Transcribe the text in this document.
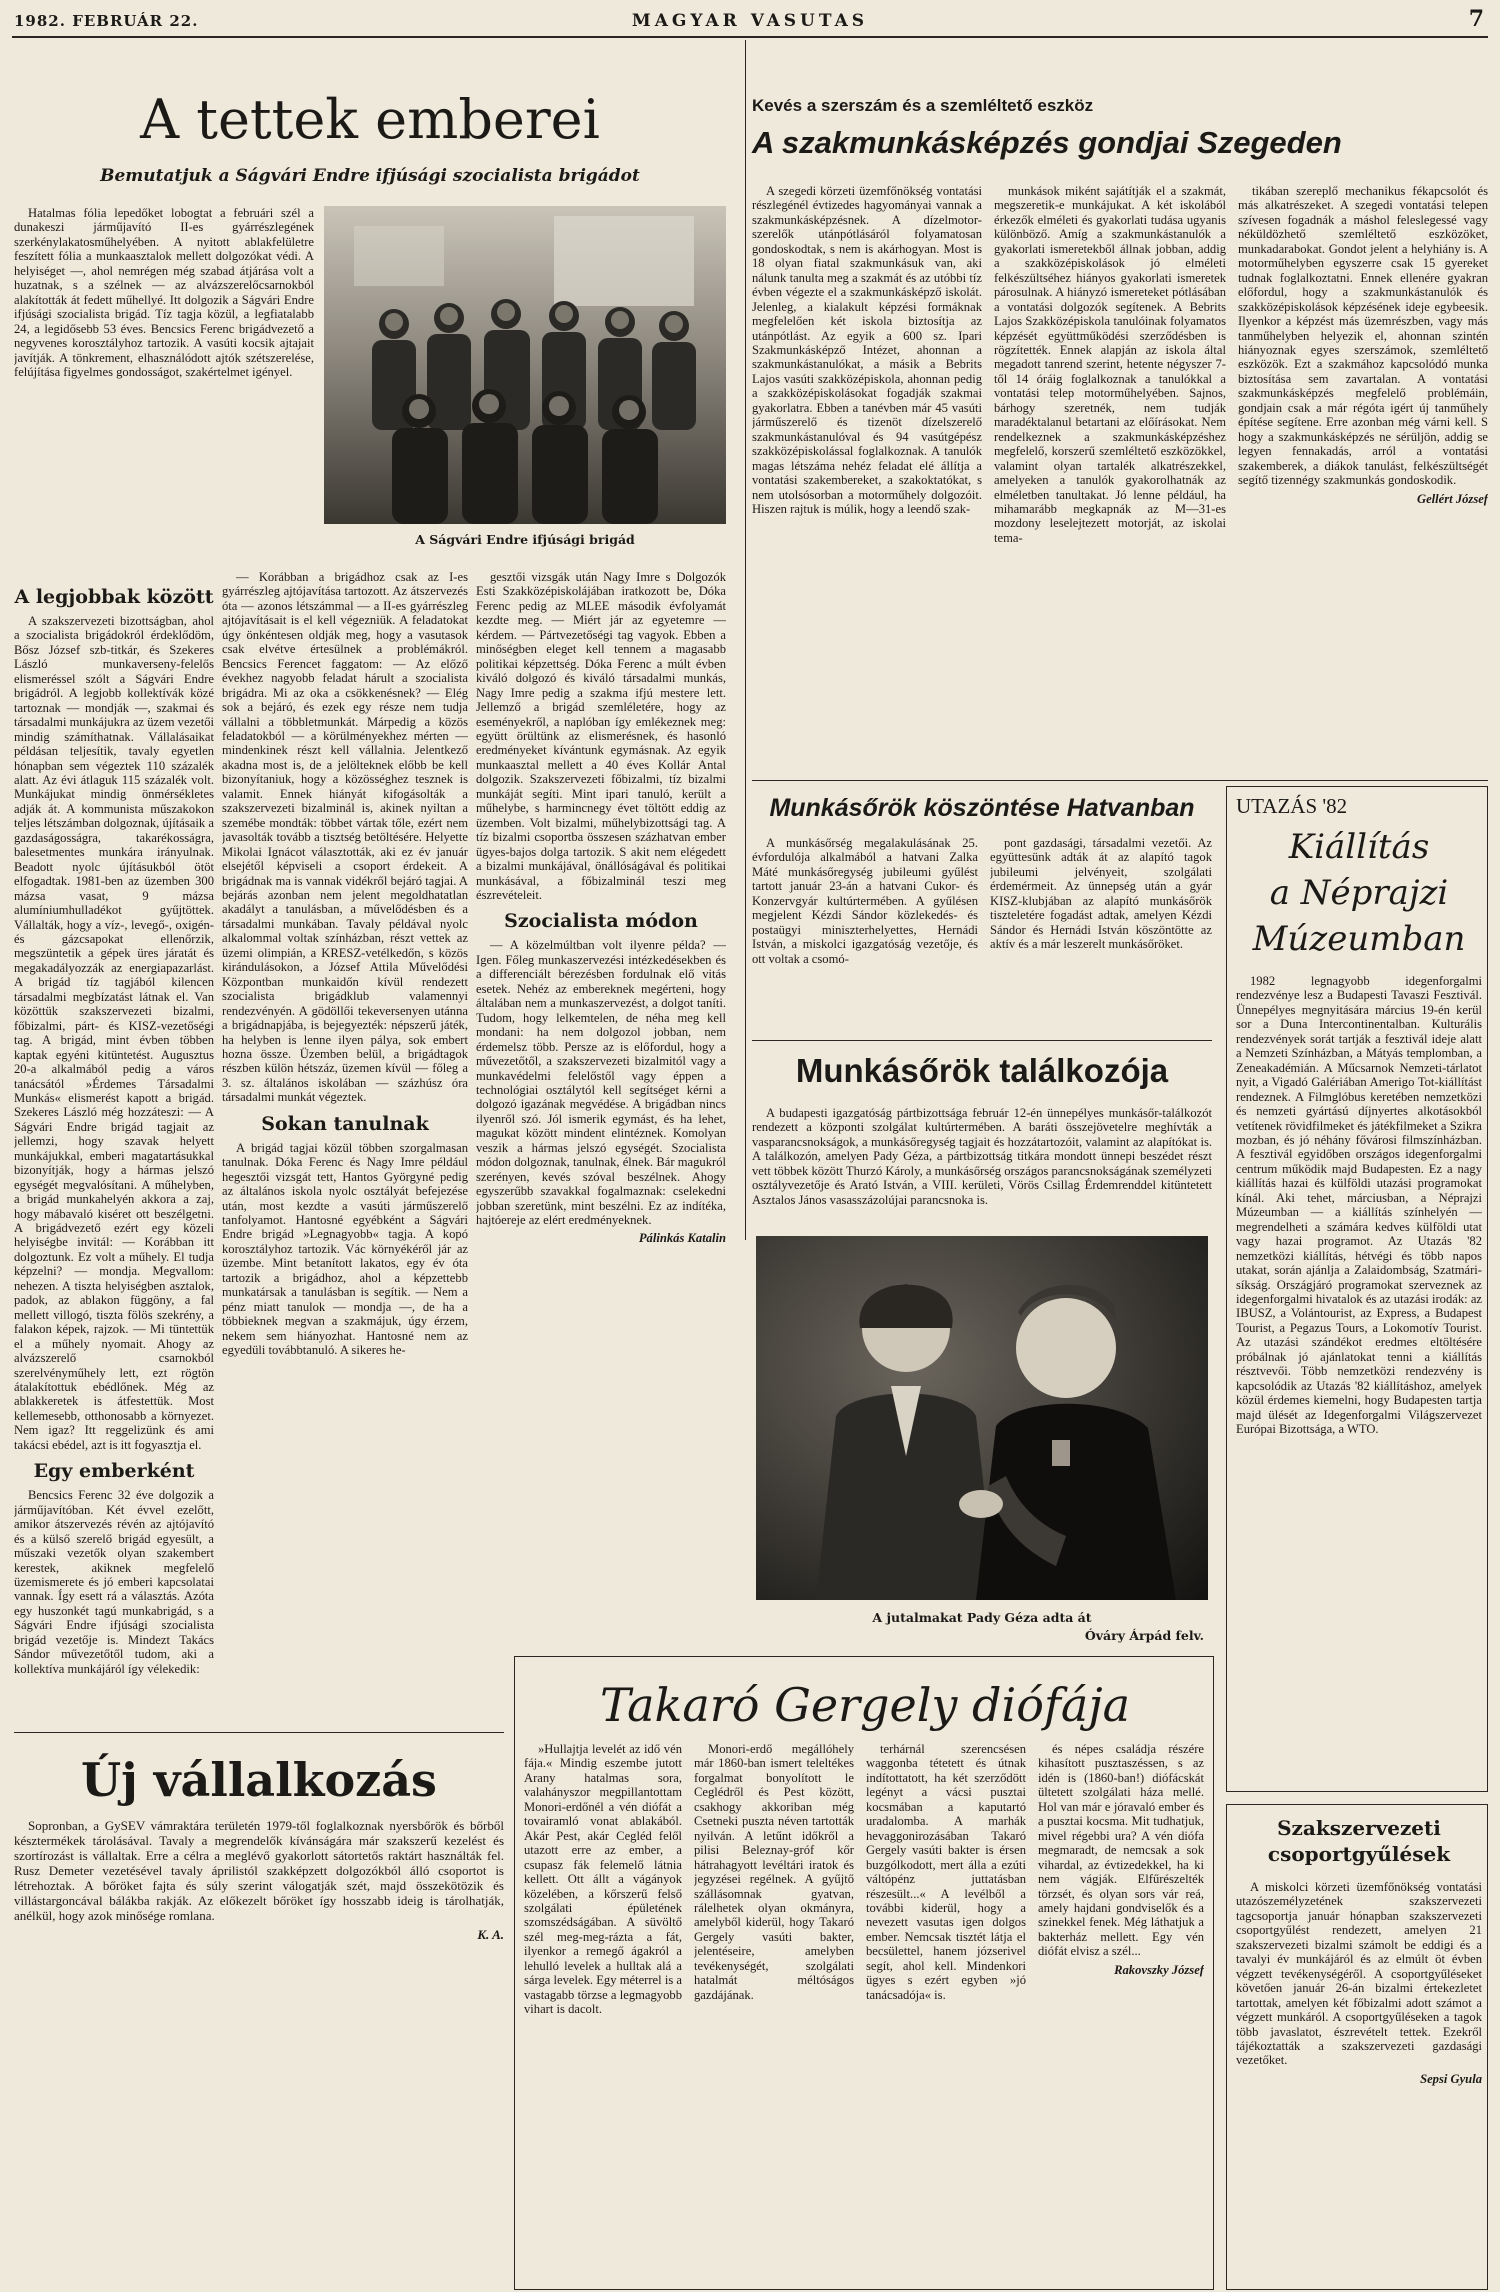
1982. FEBRUÁR 22.	MAGYAR VASUTAS	7
A tettek emberei
Bemutatjuk a Ságvári Endre ifjúsági szocialista brigádot
A Ságvári Endre ifjúsági brigád

Hatalmas fólia lepedőket lobogtat a februári szél a dunakeszi járműjavító II-es gyárrészlegének szerkénylakatosműhelyében. A nyitott ablakfelületre feszített fólia a munkaasztalok mellett dolgozókat védi. A helyiséget —, ahol nemrégen még szabad átjárása volt a huzatnak, s a szélnek — az alvázszerelőcsarnokból alakították át fedett műhellyé. Itt dolgozik a Ságvári Endre ifjúsági szocialista brigád. Tíz tagja közül, a legfiatalabb 24, a legidősebb 53 éves. Bencsics Ferenc brigádvezető a negyvenes korosztályhoz tartozik. A vasúti kocsik ajtajait javítják. A tönkrement, elhasználódott ajtók szétszerelése, felújítása figyelmes gondosságot, szakértelmet igényel.

A legjobbak között

A szakszervezeti bizottságban, ahol a szocialista brigádokról érdeklődöm, Bősz József szb-titkár, és Szekeres László munkaverseny-felelős elismeréssel szólt a Ságvári Endre brigádról. A legjobb kollektívák közé tartoznak — mondják —, szakmai és társadalmi munkájukra az üzem vezetői mindig számíthatnak. Vállalásaikat példásan teljesítik, tavaly egyetlen hónapban sem végeztek 110 százalék alatt. Az évi átlaguk 115 százalék volt. Munkájukat mindig önmérsékletes adják át. A kommunista műszakokon teljes létszámban dolgoznak, újításaik a gazdaságosságra, takarékosságra, balesetmentes munkára irányulnak. Beadott nyolc újításukból ötöt elfogadtak. 1981-ben az üzemben 300 mázsa vasat, 9 mázsa alumíniumhulladékot gyűjtöttek. Vállalták, hogy a víz-, levegő-, oxigén- és gázcsapokat ellenőrzik, megszüntetik a gépek üres járatát és megakadályozzák az energiapazarlást. A brigád tíz tagjából kilencen társadalmi megbízatást látnak el. Van közöttük szakszervezeti bizalmi, főbizalmi, párt- és KISZ-vezetőségi tag. A brigád, mint évben többen kaptak egyéni kitüntetést. Augusztus 20-a alkalmából pedig a város tanácsától »Érdemes Társadalmi Munkás« elismerést kapott a brigád. Szekeres László még hozzáteszi: — A Ságvári Endre brigád tagjait az jellemzi, hogy szavak helyett munkájukkal, emberi magatartásukkal bizonyítják, hogy a hármas jelszó egységét megvalósítani. A műhelyben, a brigád munkahelyén akkora a zaj, hogy mábavaló kiséret ott beszélgetni. A brigádvezető ezért egy közeli helyiségbe invitál: — Korábban itt dolgoztunk. Ez volt a műhely. El tudja képzelni? — mondja. Megvallom: nehezen. A tiszta helyiségben asztalok, padok, az ablakon függöny, a fal mellett villogó, tiszta fölös szekrény, a falakon képek, rajzok. — Mi tüntettük el a műhely nyomait. Ahogy az alvázszerelő csarnokból szerelvényműhely lett, ezt rögtön átalakítottuk ebédlőnek. Még az ablakkeretek is átfestettük. Most kellemesebb, otthonosabb a környezet. Nem igaz? Itt reggelizünk és ami takácsi ebédel, azt is itt fogyasztja el.

Egy emberként

Bencsics Ferenc 32 éve dolgozik a járműjavítóban. Két évvel ezelőtt, amikor átszervezés révén az ajtójavító és a külső szerelő brigád egyesült, a műszaki vezetők olyan szakembert kerestek, akiknek megfelelő üzemismerete és jó emberi kapcsolatai vannak. Így esett rá a választás. Azóta egy huszonkét tagú munkabrigád, s a Ságvári Endre ifjúsági szocialista brigád vezetője is. Mindezt Takács Sándor művezetőtől tudom, aki a kollektíva munkájáról így vélekedik:

— Korábban a brigádhoz csak az I-es gyárrészleg ajtójavítása tartozott. Az átszervezés óta — azonos létszámmal — a II-es gyárrészleg ajtójavításait is el kell végezniük. A feladatokat úgy önkéntesen oldják meg, hogy a vasutasok csak elvétve értesülnek a problémákról. Bencsics Ferencet faggatom: — Az előző évekhez nagyobb feladat hárult a szocialista brigádra. Mi az oka a csökkenésnek? — Elég sok a bejáró, és ezek egy része nem tudja vállalni a többletmunkát. Márpedig a közös feladatokból — a körülményekhez mérten — mindenkinek részt kell vállalnia. Jelentkező akadna most is, de a jelölteknek előbb be kell bizonyítaniuk, hogy a közösséghez tesznek is valamit. Ennek hiányát kifogásolták a szakszervezeti bizalminál is, akinek nyiltan a szemébe mondták: többet vártak tőle, ezért nem javasolták tovább a tisztség betöltésére. Helyette Mikolai Ignácot választották, aki ez év január elsejétől képviseli a csoport érdekeit. A brigádnak ma is vannak vidékről bejáró tagjai. A bejárás azonban nem jelent megoldhatatlan akadályt a tanulásban, a művelődésben és a társadalmi munkában. Tavaly példával nyolc alkalommal voltak színházban, részt vettek az üzemi olimpián, a KRESZ-vetélkedőn, s közös kirándulásokon, a József Attila Művelődési Központban munkaidőn kívül rendezett szocialista brigádklub valamennyi rendezvényén. A gödöllői tekeversenyen utánna a brigádnapjába, is bejegyezték: népszerű játék, ha helyben is lenne ilyen pálya, sok embert hozna össze. Üzemben belül, a brigádtagok részben külön hétszáz, üzemen kívül — főleg a 3. sz. általános iskolában — százhúsz óra társadalmi munkát végeztek.

Sokan tanulnak

A brigád tagjai közül többen szorgalmasan tanulnak. Dóka Ferenc és Nagy Imre például hegesztői vizsgát tett, Hantos Györgyné pedig az általános iskola nyolc osztályát befejezése után, most kezdte a vasúti járműszerelő tanfolyamot. Hantosné egyébként a Ságvári Endre brigád »Legnagyobb« tagja. A kopó korosztályhoz tartozik. Vác környékéről jár az üzembe. Mint betanított lakatos, egy év óta tartozik a brigádhoz, ahol a képzettebb munkatársak a tanulásban is segítik. — Nem a pénz miatt tanulok — mondja —, de ha a többieknek megvan a szakmájuk, úgy érzem, nekem sem hiányozhat. Hantosné nem az egyedüli továbbtanuló. A sikeres he-

gesztői vizsgák után Nagy Imre s Dolgozók Esti Szakközépiskolájában iratkozott be, Dóka Ferenc pedig az MLEE második évfolyamát kezdte meg. — Miért jár az egyetemre — kérdem. — Pártvezetőségi tag vagyok. Ebben a minőségben eleget kell tennem a magasabb politikai képzettség. Dóka Ferenc a múlt évben kiváló dolgozó és kiváló társadalmi munkás, Nagy Imre pedig a szakma ifjú mestere lett. Jellemző a brigád szemléletére, hogy az eseményekről, a naplóban így emlékeznek meg: együtt örültünk az elismerésnek, és hasonló eredményeket kívántunk egymásnak. Az egyik munkaasztal mellett a 40 éves Kollár Antal dolgozik. Szakszervezeti főbizalmi, tíz bizalmi munkáját segíti. Mint ipari tanuló, került a műhelybe, s harmincnegy évet töltött eddig az üzemben. Volt bizalmi, műhelybizottsági tag. A tíz bizalmi csoportba összesen százhatvan ember ügyes-bajos dolga tartozik. S akit nem elégedett a bizalmi munkájával, önállóságával és politikai munkásával, a főbizalminál teszi meg észrevételeit.

Szocialista módon

— A közelmúltban volt ilyenre példa? — Igen. Főleg munkaszervezési intézkedésekben és a differenciált bérezésben fordulnak elő vitás esetek. Nehéz az embereknek megérteni, hogy általában nem a munkaszervezést, a dolgot taníti. Tudom, hogy lelkemtelen, de néha meg kell mondani: ha nem dolgozol jobban, nem érdemelsz több. Persze az is előfordul, hogy a művezetőtől, a szakszervezeti bizalmitól vagy a munkavédelmi felelőstől vagy éppen a technológiai osztálytól kell segítséget kérni a dolgozó igazának megvédése. A brigádban nincs ilyenről szó. Jól ismerik egymást, és ha lehet, magukat között mindent elintéznek. Komolyan veszik a hármas jelszó egységét. Szocialista módon dolgoznak, tanulnak, élnek. Bár magukról szerényen, kevés szóval beszélnek. Ahogy egyszerűbb szavakkal fogalmaznak: cselekedni jobban szeretünk, mint beszélni. Ez az indítéka, hajtóereje az elért eredményeknek.

Pálinkás Katalin
Új vállalkozás

Sopronban, a GySEV vámraktára területén 1979-től foglalkoznak nyersbőrök és bőrből késztermékek tárolásával. Tavaly a megrendelők kívánságára már szakszerű kezelést és szortírozást is vállaltak. Erre a célra a meglévő gyakorlott sátortetős raktárt használták fel. Rusz Demeter vezetésével tavaly áprilistól szakképzett dolgozókból álló csoportot is létrehoztak. A bőröket fajta és súly szerint válogatják szét, majd összekötözik és villástargoncával bálákba rakják. Az előkezelt bőröket így hosszabb ideig is tárolhatják, anélkül, hogy azok minősége romlana.

K. A.
Kevés a szerszám és a szemléltető eszköz
A szakmunkásképzés gondjai Szegeden

A szegedi körzeti üzemfőnökség vontatási részlegénél évtizedes hagyományai vannak a szakmunkásképzésnek. A dízelmotor-szerelők utánpótlásáról folyamatosan gondoskodtak, s nem is akárhogyan. Most is 18 olyan fiatal szakmunkásuk van, aki nálunk tanulta meg a szakmát és az utóbbi tíz évben végezte el a szakmunkásképző iskolát. Jelenleg, a kialakult képzési formáknak megfelelően két iskola biztosítja az utánpótlást. Az egyik a 600 sz. Ipari Szakmunkásképző Intézet, ahonnan a szakmunkástanulókat, a másik a Bebrits Lajos vasúti szakközépiskola, ahonnan pedig a szakközépiskolásokat fogadják szakmai gyakorlatra. Ebben a tanévben már 45 vasúti járműszerelő és tizenöt dízelszerelő szakmunkástanulóval és 94 vasútgépész szakközépiskolással foglalkoznak. A tanulók magas létszáma nehéz feladat elé állítja a vontatási szakembereket, a szakoktatókat, s nem utolsósorban a motorműhely dolgozóit. Hiszen rajtuk is múlik, hogy a leendő szak-

munkások miként sajátítják el a szakmát, megszeretik-e munkájukat. A két iskolából érkezők elméleti és gyakorlati tudása ugyanis különböző. Amíg a szakmunkástanulók a gyakorlati ismeretekből állnak jobban, addig a szakközépiskolások jó elméleti felkészültséhez hiányos gyakorlati ismeretek párosulnak. A hiányzó ismereteket pótlásában a vontatási dolgozók segítenek. A Bebrits Lajos Szakközépiskola tanulóinak folyamatos képzését együttműködési szerződésben is rögzítették. Ennek alapján az iskola által megadott tanrend szerint, hetente négyszer 7-től 14 óráig foglalkoznak a tanulókkal a vontatási telep motorműhelyében. Sajnos, bárhogy szeretnék, nem tudják maradéktalanul betartani az előírásokat. Nem rendelkeznek a szakmunkásképzéshez megfelelő, korszerű szemléltető eszközökkel, valamint olyan tartalék alkatrészekkel, amelyeken a tanulók gyakorolhatnák az elméletben tanultakat. Jó lenne például, ha mihamarább megkapnák az M—31-es mozdony leselejtezett motorját, az iskolai tema-

tikában szereplő mechanikus fékapcsolót és más alkatrészeket. A szegedi vontatási telepen szívesen fogadnák a máshol feleslegessé vagy néküldözhető szemléltető eszközöket, munkadarabokat. Gondot jelent a helyhiány is. A motorműhelyben egyszerre csak 15 gyereket tudnak foglalkoztatni. Ennek ellenére gyakran előfordul, hogy a szakmunkástanulók és szakközépiskolások képzésének ideje egybeesik. Ilyenkor a képzést más üzemrészben, vagy más tanműhelyben helyezik el, ahonnan szintén hiányoznak egyes szerszámok, szemléltető eszközök. Ezt a szakmához kapcsolódó munka biztosítása sem zavartalan. A vontatási szakmunkásképzés megfelelő problémáin, gondjain csak a már régóta igért új tanműhely építése segítene. Erre azonban még várni kell. S hogy a szakmunkásképzés ne sérüljön, addig se legyen fennakadás, arról a vontatási szakemberek, a diákok tanulást, felkészültségét segítő tizennégy szakmunkás gondoskodik.

Gellért József
Munkásőrök köszöntése Hatvanban

A munkásőrség megalakulásának 25. évfordulója alkalmából a hatvani Zalka Máté munkásőregység jubileumi gyűlést tartott január 23-án a hatvani Cukor- és Konzervgyár kultúrtermében. A gyűlésen megjelent Kézdi Sándor közlekedés- és postaügyi miniszterhelyettes, Hernádi István, a miskolci igazgatóság vezetője, és ott voltak a csomó-

pont gazdasági, társadalmi vezetői. Az együttesünk adták át az alapító tagok jubileumi jelvényeit, szolgálati érdemérmeit. Az ünnepség után a gyár KISZ-klubjában az alapító munkásőrök tiszteletére fogadást adtak, amelyen Kézdi Sándor és Hernádi István köszöntötte az aktív és a már leszerelt munkásőröket.

Munkásőrök találkozója

A budapesti igazgatóság pártbizottsága február 12-én ünnepélyes munkásőr-találkozót rendezett a központi szolgálat kultúrtermében. A baráti összejövetelre meghívták a vasparancsnokságok, a munkásőregység tagjait és hozzátartozóit, valamint az alapítókat is. A találkozón, amelyen Pady Géza, a pártbizottság titkára mondott ünnepi beszédet részt vett többek között Thurzó Károly, a munkásőrség országos parancsnokságának személyzeti osztályvezetője és Arató István, a VIII. kerületi, Vörös Csillag Érdemrenddel kitüntetett Asztalos János vasasszázolújai parancsnoka is.

A jutalmakat Pady Géza adta át
Óváry Árpád felv.
Takaró Gergely diófája

»Hullajtja levelét az idő vén fája.« Mindig eszembe jutott Arany hatalmas sora, valahányszor megpillantottam Monori-erdőnél a vén diófát a tovairamló vonat ablakából. Akár Pest, akár Cegléd felől utazott erre az ember, a csupasz fák felemelő látnia kellett. Ott állt a vágányok közelében, a kőrszerű felső szolgálati épületének szomszédságában. A süvöltő szél meg-meg-rázta a fát, ilyenkor a remegő ágakról a lehulló levelek a hulltak alá a sárga levelek. Egy méterrel is a vastagabb törzse a legmagyobb vihart is dacolt.

Monori-erdő megállóhely már 1860-ban ismert teleltékes forgalmat bonyolított le Ceglédről és Pest között, csakhogy akkoriban még Csetneki puszta néven tartották nyilván. A letűnt időkről a pilisi Beleznay-gróf kőr hátrahagyott levéltári iratok és jegyzései regélnek. A gyűjtő szállásomnak gyatvan, rálelhetek olyan okmányra, amelyből kiderül, hogy Takaró Gergely vasúti bakter, jelentéseire, amelyben tevékenységét, szolgálati hatalmát méltóságos gazdájának.

terhárnál szerencsésen waggonba tétetett és útnak indítottatott, ha két szerződött legényt a vácsi pusztai kocsmában a kaputartó uradalomba. A marhák hevaggonirozásában Takaró Gergely vasúti bakter is érsen buzgólkodott, mert álla a ezúti váltópénz juttatásban részesült...« A levélből a további kiderül, hogy a nevezett vasutas igen dolgos ember. Nemcsak tisztét látja el becsülettel, hanem józserivel segít, ahol kell. Mindenkori ügyes s ezért egyben »jó tanácsadója« is.

és népes családja részére kihasított pusztaszéssen, s az idén is (1860-ban!) diófácskát ültetett szolgálati háza mellé. Hol van már e jóravaló ember és a pusztai kocsma. Mit tudhatjuk, mivel régebbi ura? A vén diófa megmaradt, de nemcsak a sok vihardal, az évtizedekkel, ha ki nem vágják. Elfűrészelték törzsét, és olyan sors vár reá, amely hajdani gondviselők és a szinekkel fenek. Még láthatjuk a bakterház mellett. Egy vén diófát elvisz a szél...

Rakovszky József
UTAZÁS '82
Kiállítás
a Néprajzi
Múzeumban

1982 legnagyobb idegenforgalmi rendezvénye lesz a Budapesti Tavaszi Fesztivál. Ünnepélyes megnyitására március 19-én kerül sor a Duna Intercontinentalban. Kulturális rendezvények sorát tartják a fesztivál ideje alatt a Nemzeti Színházban, a Mátyás templomban, a Zeneakadémián. A Műcsarnok Nemzeti-tárlatot nyit, a Vigadó Galériában Amerigo Tot-kiállítást rendeznek. A Filmglóbus keretében nemzetközi és nemzeti gyártású díjnyertes alkotásokból vetítenek rövidfilmeket és játékfilmeket a Szikra mozban, és jó néhány fővárosi filmszínházban. A fesztivál egyidőben országos idegenforgalmi centrum működik majd Budapesten. Ez a nagy kiállítás hazai és külföldi utazási programokat kínál. Aki tehet, márciusban, a Néprajzi Múzeumban — a kiállítás színhelyén — megrendelheti a számára kedves külföldi utat vagy hazai programot. Az Utazás '82 nemzetközi kiállítás, hétvégi és több napos utakat, során ajánlja a Zalaidombság, Szatmári-síkság. Országjáró programokat szerveznek az idegenforgalmi hivatalok és az utazási irodák: az IBUSZ, a Volántourist, az Express, a Budapest Tourist, a Pegazus Tours, a Lokomotív Tourist. Az utazási szándékot eredmes eltöltésére próbálnak jó ajánlatokat tenni a kiállítás résztvevői. Több nemzetközi rendezvény is kapcsolódik az Utazás '82 kiállításhoz, amelyek közül érdemes kiemelni, hogy Budapesten tartja majd ülését az Idegenforgalmi Világszervezet Európai Bizottsága, a WTO.

Szakszervezeti
csoportgyűlések

A miskolci körzeti üzemfőnökség vontatási utazószemélyzetének szakszervezeti tagcsoportja január hónapban szakszervezeti csoportgyűlést rendezett, amelyen 21 szakszervezeti bizalmi számolt be eddigi és a tavalyi év munkájáról és az elmúlt öt évben végzett tevékenységéről. A csoportgyűléseket követően január 26-án bizalmi értekezletet tartottak, amelyen két főbizalmi adott számot a végzett munkáról. A csoportgyűléseken a tagok több javaslatot, észrevételt tettek. Ezekről tájékoztatták a szakszervezeti gazdasági vezetőket.

Sepsi Gyula
